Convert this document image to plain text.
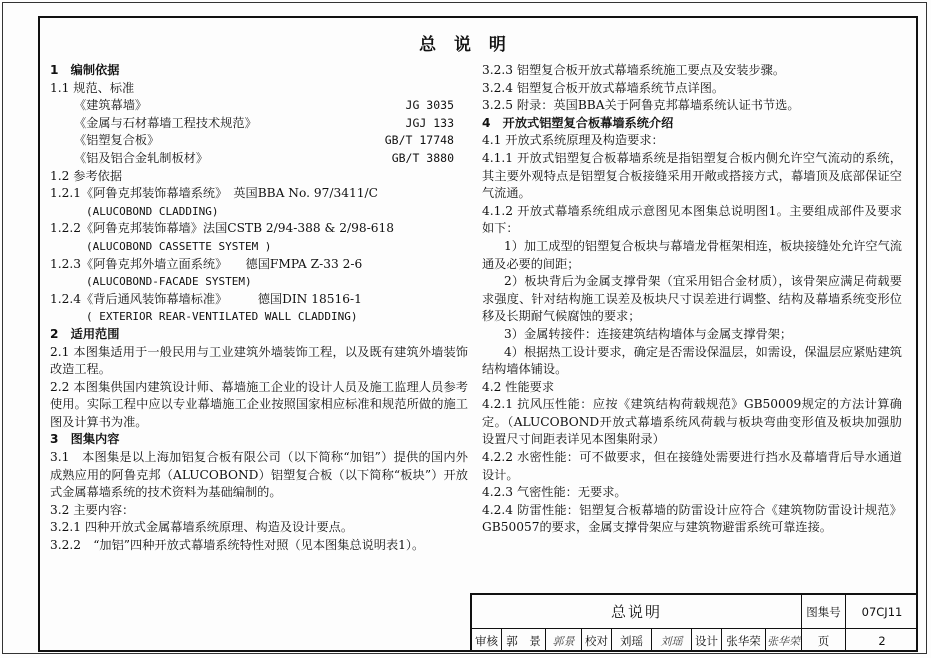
总 说 明
1　编制依据
1.1 规范、标准
《建筑幕墙》	JG 3035
《金属与石材幕墙工程技术规范》	JGJ 133
《铝塑复合板》	GB/T 17748
《铝及铝合金轧制板材》	GB/T 3880
1.2 参考依据
1.2.1《阿鲁克邦装饰幕墙系统》　英国BBA No. 97/3411/C
(ALUCOBOND CLADDING)
1.2.2《阿鲁克邦装饰幕墙》法国CSTB 2/94-388 & 2/98-618
(ALUCOBOND CASSETTE SYSTEM )
1.2.3《阿鲁克邦外墙立面系统》　　德国FMPA Z-33 2-6
(ALUCOBOND-FACADE SYSTEM)
1.2.4《背后通风装饰幕墙标准》　　　德国DIN 18516-1
( EXTERIOR REAR-VENTILATED WALL CLADDING)
2　适用范围
2.1 本图集适用于一般民用与工业建筑外墙装饰工程，以及既有建筑外墙装饰改造工程。
2.2 本图集供国内建筑设计师、幕墙施工企业的设计人员及施工监理人员参考使用。实际工程中应以专业幕墙施工企业按照国家相应标准和规范所做的施工图及计算书为准。
3　图集内容
3.1　本图集是以上海加铝复合板有限公司（以下简称“加铝”）提供的国内外成熟应用的阿鲁克邦（ALUCOBOND）铝塑复合板（以下简称“板块”）开放式金属幕墙系统的技术资料为基础编制的。
3.2 主要内容：
3.2.1 四种开放式金属幕墙系统原理、构造及设计要点。
3.2.2　“加铝”四种开放式幕墙系统特性对照（见本图集总说明表1）。
3.2.3 铝塑复合板开放式幕墙系统施工要点及安装步骤。
3.2.4 铝塑复合板开放式幕墙系统节点详图。
3.2.5 附录：英国BBA关于阿鲁克邦幕墙系统认证书节选。
4　开放式铝塑复合板幕墙系统介绍
4.1 开放式系统原理及构造要求：
4.1.1 开放式铝塑复合板幕墙系统是指铝塑复合板内侧允许空气流动的系统，其主要外观特点是铝塑复合板接缝采用开敞或搭接方式，幕墙顶及底部保证空气流通。
4.1.2 开放式幕墙系统组成示意图见本图集总说明图1。主要组成部件及要求如下：
1）加工成型的铝塑复合板块与幕墙龙骨框架相连，板块接缝处允许空气流通及必要的间距；
2）板块背后为金属支撑骨架（宜采用铝合金材质），该骨架应满足荷载要求强度、针对结构施工误差及板块尺寸误差进行调整、结构及幕墙系统变形位移及长期耐气候腐蚀的要求；
3）金属转接件：连接建筑结构墙体与金属支撑骨架；
4）根据热工设计要求，确定是否需设保温层，如需设，保温层应紧贴建筑结构墙体铺设。
4.2 性能要求
4.2.1 抗风压性能：应按《建筑结构荷载规范》GB50009规定的方法计算确定。（ALUCOBOND开放式幕墙系统风荷载与板块弯曲变形值及板块加强肋设置尺寸间距表详见本图集附录）
4.2.2 水密性能：可不做要求，但在接缝处需要进行挡水及幕墙背后导水通道设计。
4.2.3 气密性能：无要求。
4.2.4 防雷性能：铝塑复合板幕墙的防雷设计应符合《建筑物防雷设计规范》GB50057的要求，金属支撑骨架应与建筑物避雷系统可靠连接。
总说明	图集号	07CJ11
审核 郭　景	郭景 校对	刘瑶	刘瑶	设计 张华荣 张华荣	页	2
